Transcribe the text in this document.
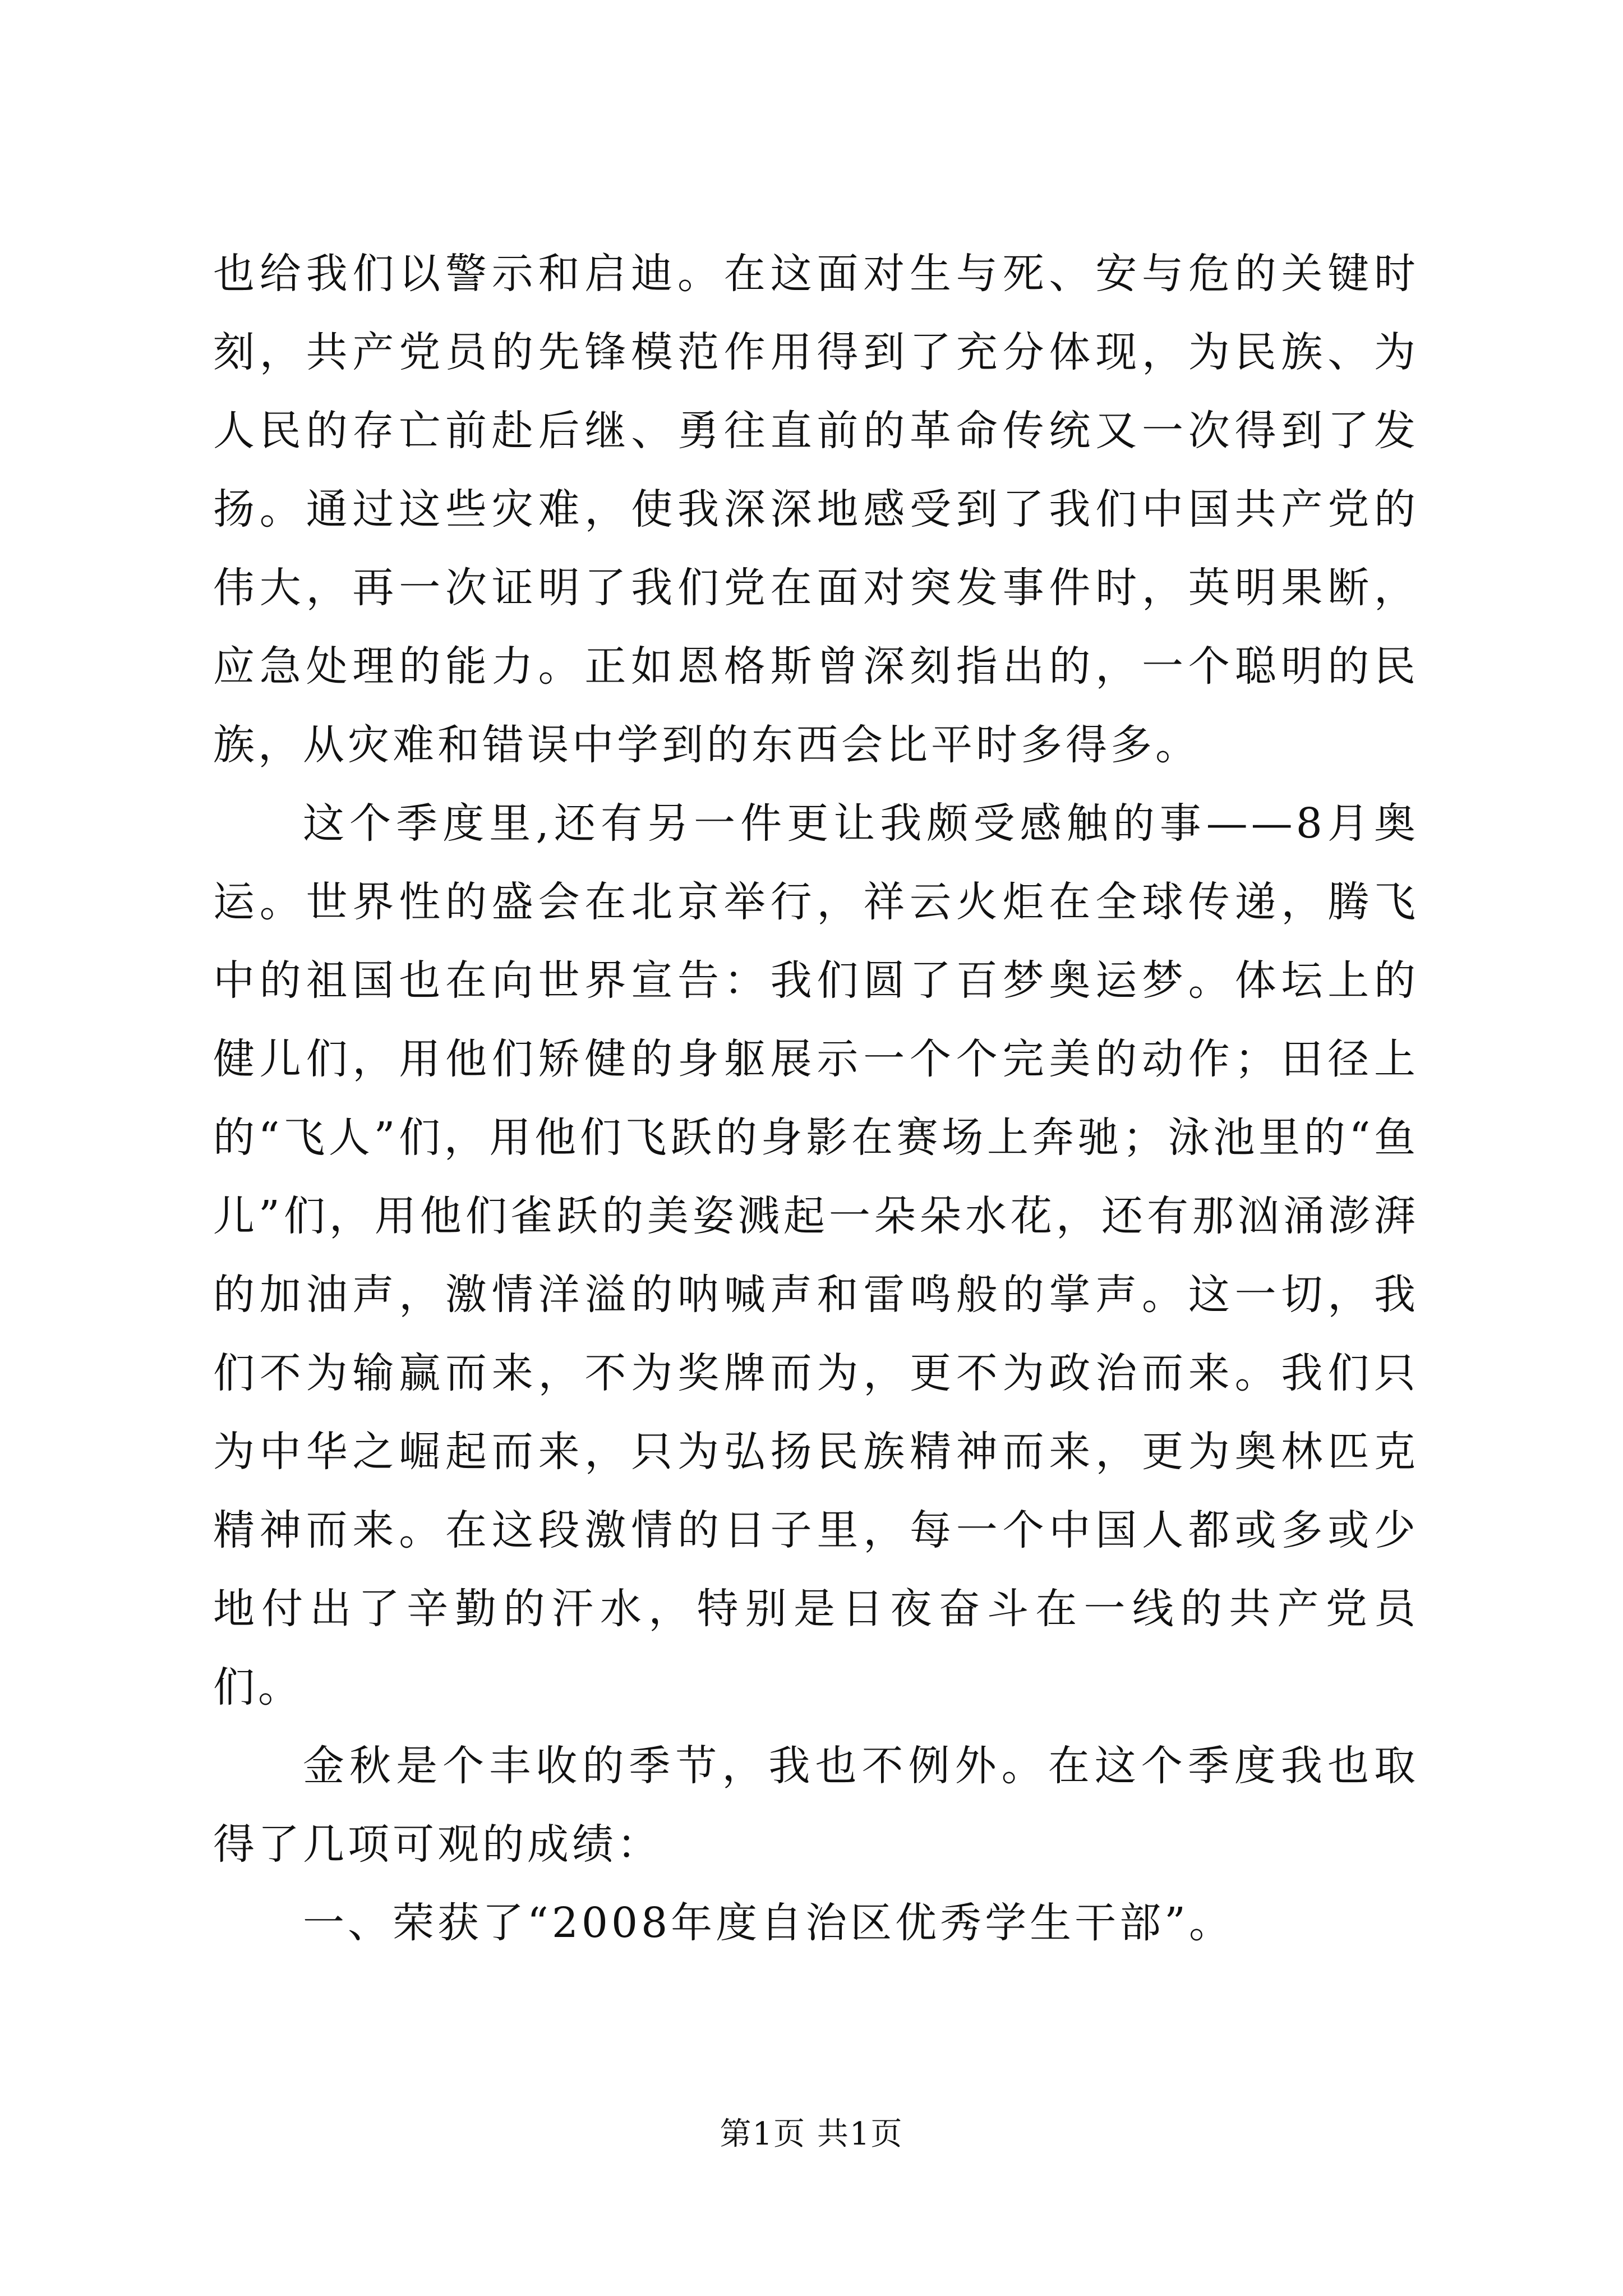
也给我们以警示和启迪。在这面对生与死、安与危的关键时刻，共产党员的先锋模范作用得到了充分体现，为民族、为人民的存亡前赴后继、勇往直前的革命传统又一次得到了发扬。通过这些灾难，使我深深地感受到了我们中国共产党的伟大，再一次证明了我们党在面对突发事件时，英明果断，应急处理的能力。正如恩格斯曾深刻指出的，一个聪明的民族，从灾难和错误中学到的东西会比平时多得多。

这个季度里,还有另一件更让我颇受感触的事——8月奥运。世界性的盛会在北京举行，祥云火炬在全球传递，腾飞中的祖国也在向世界宣告：我们圆了百梦奥运梦。体坛上的健儿们，用他们矫健的身躯展示一个个完美的动作；田径上的“飞人”们，用他们飞跃的身影在赛场上奔驰；泳池里的“鱼儿”们，用他们雀跃的美姿溅起一朵朵水花，还有那汹涌澎湃的加油声，激情洋溢的呐喊声和雷鸣般的掌声。这一切，我们不为输赢而来，不为奖牌而为，更不为政治而来。我们只为中华之崛起而来，只为弘扬民族精神而来，更为奥林匹克精神而来。在这段激情的日子里，每一个中国人都或多或少地付出了辛勤的汗水，特别是日夜奋斗在一线的共产党员们。

金秋是个丰收的季节，我也不例外。在这个季度我也取得了几项可观的成绩：

一、荣获了“2008年度自治区优秀学生干部”。

第1页 共1页
